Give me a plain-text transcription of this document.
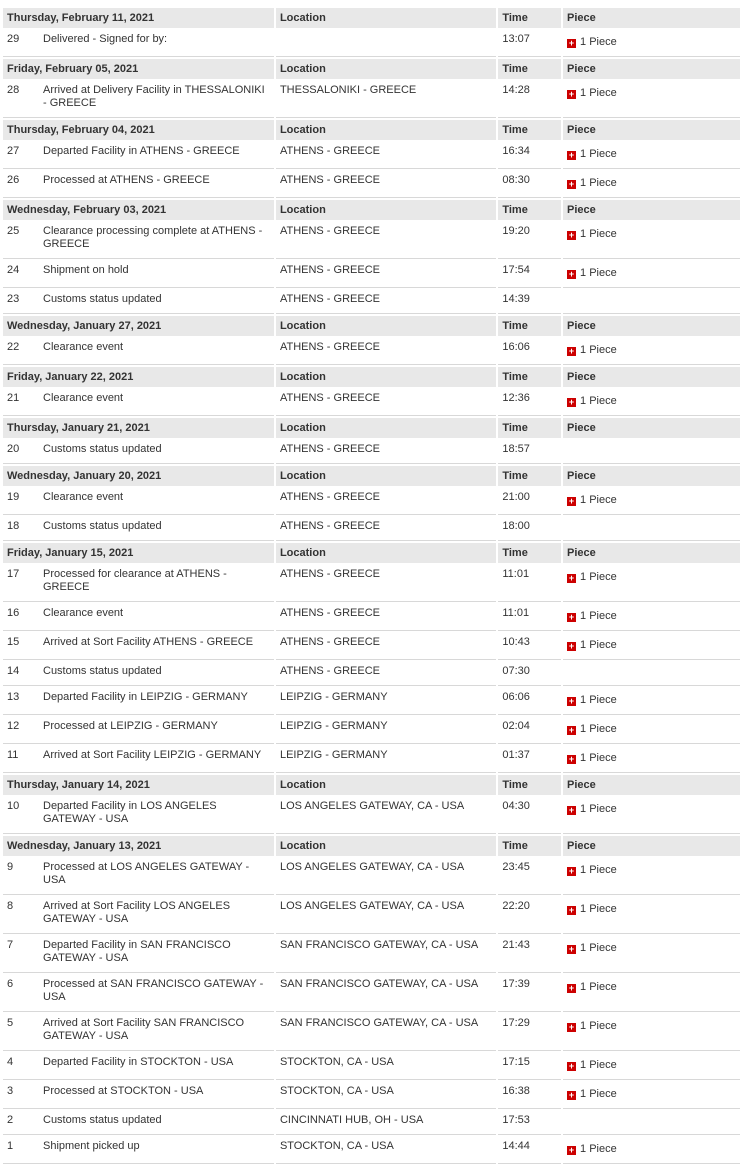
Thursday, February 11, 2021	Location	Time	Piece
29 Delivered - Signed for by:		13:07	+ 1 Piece
Friday, February 05, 2021	Location	Time	Piece
28 Arrived at Delivery Facility in THESSALONIKI - GREECE	THESSALONIKI - GREECE	14:28	+ 1 Piece
Thursday, February 04, 2021	Location	Time	Piece
27 Departed Facility in ATHENS - GREECE	ATHENS - GREECE	16:34	+ 1 Piece
26 Processed at ATHENS - GREECE	ATHENS - GREECE	08:30	+ 1 Piece
Wednesday, February 03, 2021	Location	Time	Piece
25 Clearance processing complete at ATHENS - GREECE	ATHENS - GREECE	19:20	+ 1 Piece
24 Shipment on hold	ATHENS - GREECE	17:54	+ 1 Piece
23 Customs status updated	ATHENS - GREECE	14:39	
Wednesday, January 27, 2021	Location	Time	Piece
22 Clearance event	ATHENS - GREECE	16:06	+ 1 Piece
Friday, January 22, 2021	Location	Time	Piece
21 Clearance event	ATHENS - GREECE	12:36	+ 1 Piece
Thursday, January 21, 2021	Location	Time	Piece
20 Customs status updated	ATHENS - GREECE	18:57	
Wednesday, January 20, 2021	Location	Time	Piece
19 Clearance event	ATHENS - GREECE	21:00	+ 1 Piece
18 Customs status updated	ATHENS - GREECE	18:00	
Friday, January 15, 2021	Location	Time	Piece
17 Processed for clearance at ATHENS - GREECE	ATHENS - GREECE	11:01	+ 1 Piece
16 Clearance event	ATHENS - GREECE	11:01	+ 1 Piece
15 Arrived at Sort Facility ATHENS - GREECE	ATHENS - GREECE	10:43	+ 1 Piece
14 Customs status updated	ATHENS - GREECE	07:30	
13 Departed Facility in LEIPZIG - GERMANY	LEIPZIG - GERMANY	06:06	+ 1 Piece
12 Processed at LEIPZIG - GERMANY	LEIPZIG - GERMANY	02:04	+ 1 Piece
11 Arrived at Sort Facility LEIPZIG - GERMANY	LEIPZIG - GERMANY	01:37	+ 1 Piece
Thursday, January 14, 2021	Location	Time	Piece
10 Departed Facility in LOS ANGELES GATEWAY - USA	LOS ANGELES GATEWAY, CA - USA	04:30	+ 1 Piece
Wednesday, January 13, 2021	Location	Time	Piece
9 Processed at LOS ANGELES GATEWAY - USA	LOS ANGELES GATEWAY, CA - USA	23:45	+ 1 Piece
8 Arrived at Sort Facility LOS ANGELES GATEWAY - USA	LOS ANGELES GATEWAY, CA - USA	22:20	+ 1 Piece
7 Departed Facility in SAN FRANCISCO GATEWAY - USA	SAN FRANCISCO GATEWAY, CA - USA	21:43	+ 1 Piece
6 Processed at SAN FRANCISCO GATEWAY - USA	SAN FRANCISCO GATEWAY, CA - USA	17:39	+ 1 Piece
5 Arrived at Sort Facility SAN FRANCISCO GATEWAY - USA	SAN FRANCISCO GATEWAY, CA - USA	17:29	+ 1 Piece
4 Departed Facility in STOCKTON - USA	STOCKTON, CA - USA	17:15	+ 1 Piece
3 Processed at STOCKTON - USA	STOCKTON, CA - USA	16:38	+ 1 Piece
2 Customs status updated	CINCINNATI HUB, OH - USA	17:53	
1 Shipment picked up	STOCKTON, CA - USA	14:44	+ 1 Piece
